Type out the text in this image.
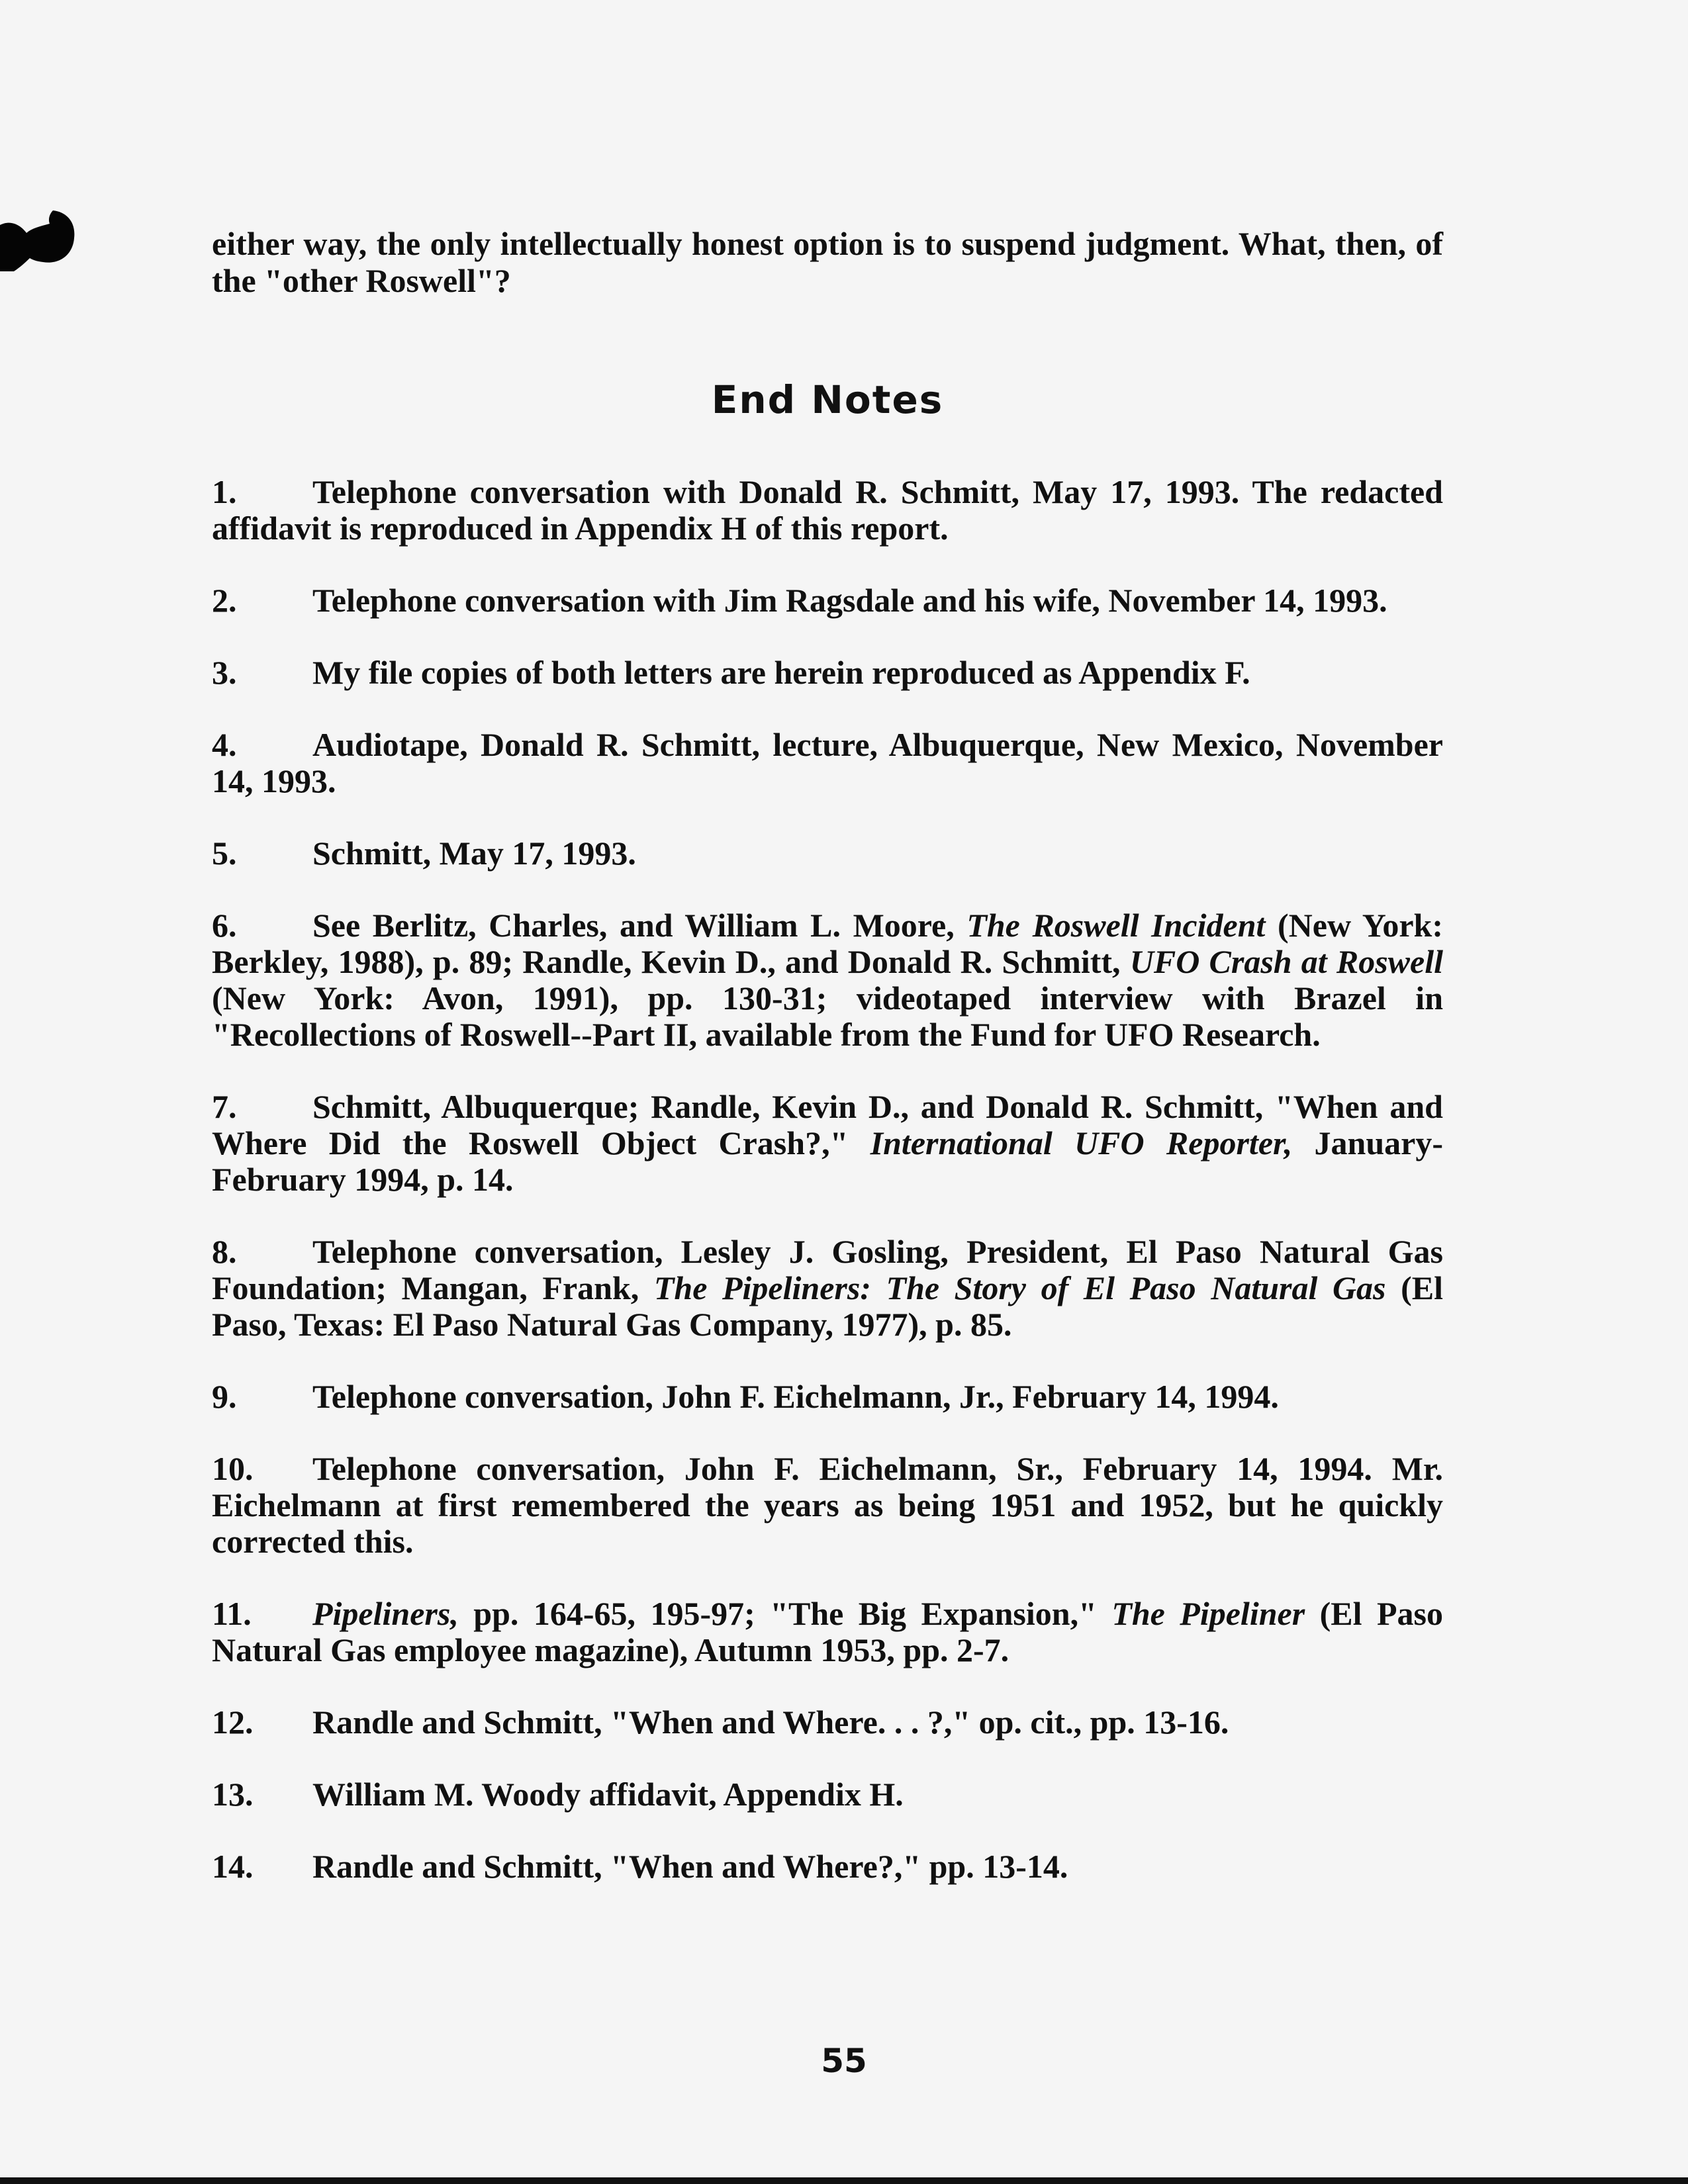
either way, the only intellectually honest option is to suspend judgment. What, then, of the "other Roswell"?

End Notes

1. Telephone conversation with Donald R. Schmitt, May 17, 1993. The redacted affidavit is reproduced in Appendix H of this report.

2. Telephone conversation with Jim Ragsdale and his wife, November 14, 1993.

3. My file copies of both letters are herein reproduced as Appendix F.

4. Audiotape, Donald R. Schmitt, lecture, Albuquerque, New Mexico, November 14, 1993.

5. Schmitt, May 17, 1993.

6. See Berlitz, Charles, and William L. Moore, The Roswell Incident (New York: Berkley, 1988), p. 89; Randle, Kevin D., and Donald R. Schmitt, UFO Crash at Roswell (New York: Avon, 1991), pp. 130-31; videotaped interview with Brazel in "Recollections of Roswell--Part II, available from the Fund for UFO Research.

7. Schmitt, Albuquerque; Randle, Kevin D., and Donald R. Schmitt, "When and Where Did the Roswell Object Crash?," International UFO Reporter, January-February 1994, p. 14.

8. Telephone conversation, Lesley J. Gosling, President, El Paso Natural Gas Foundation; Mangan, Frank, The Pipeliners: The Story of El Paso Natural Gas (El Paso, Texas: El Paso Natural Gas Company, 1977), p. 85.

9. Telephone conversation, John F. Eichelmann, Jr., February 14, 1994.

10. Telephone conversation, John F. Eichelmann, Sr., February 14, 1994. Mr. Eichelmann at first remembered the years as being 1951 and 1952, but he quickly corrected this.

11. Pipeliners, pp. 164-65, 195-97; "The Big Expansion," The Pipeliner (El Paso Natural Gas employee magazine), Autumn 1953, pp. 2-7.

12. Randle and Schmitt, "When and Where. . . ?," op. cit., pp. 13-16.

13. William M. Woody affidavit, Appendix H.

14. Randle and Schmitt, "When and Where?," pp. 13-14.

55
